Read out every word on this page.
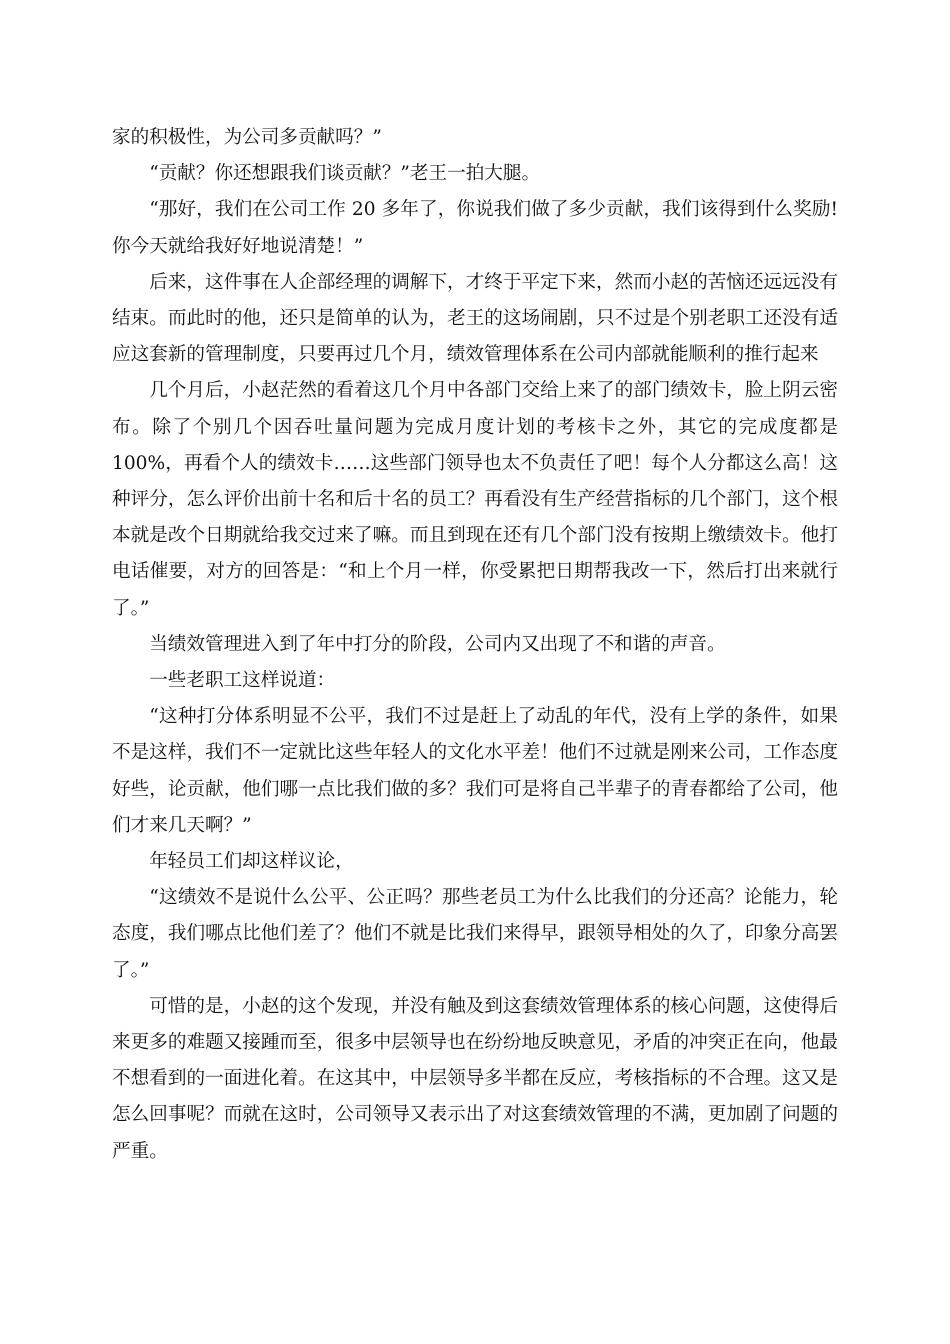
家的积极性，为公司多贡献吗？”

“贡献？你还想跟我们谈贡献？”老王一拍大腿。

“那好，我们在公司工作 20 多年了，你说我们做了多少贡献，我们该得到什么奖励!你今天就给我好好地说清楚！”

后来，这件事在人企部经理的调解下，才终于平定下来，然而小赵的苦恼还远远没有结束。而此时的他，还只是简单的认为，老王的这场闹剧，只不过是个别老职工还没有适应这套新的管理制度，只要再过几个月，绩效管理体系在公司内部就能顺利的推行起来

几个月后，小赵茫然的看着这几个月中各部门交给上来了的部门绩效卡，脸上阴云密布。除了个别几个因吞吐量问题为完成月度计划的考核卡之外，其它的完成度都是 100%，再看个人的绩效卡……这些部门领导也太不负责任了吧！每个人分都这么高！这种评分，怎么评价出前十名和后十名的员工？再看没有生产经营指标的几个部门，这个根本就是改个日期就给我交过来了嘛。而且到现在还有几个部门没有按期上缴绩效卡。他打电话催要，对方的回答是：“和上个月一样，你受累把日期帮我改一下，然后打出来就行了。”

当绩效管理进入到了年中打分的阶段，公司内又出现了不和谐的声音。

一些老职工这样说道：

“这种打分体系明显不公平，我们不过是赶上了动乱的年代，没有上学的条件，如果不是这样，我们不一定就比这些年轻人的文化水平差！他们不过就是刚来公司，工作态度好些，论贡献，他们哪一点比我们做的多？我们可是将自己半辈子的青春都给了公司，他们才来几天啊？”

年轻员工们却这样议论，

“这绩效不是说什么公平、公正吗？那些老员工为什么比我们的分还高？论能力，轮态度，我们哪点比他们差了？他们不就是比我们来得早，跟领导相处的久了，印象分高罢了。”

可惜的是，小赵的这个发现，并没有触及到这套绩效管理体系的核心问题，这使得后来更多的难题又接踵而至，很多中层领导也在纷纷地反映意见，矛盾的冲突正在向，他最不想看到的一面进化着。在这其中，中层领导多半都在反应，考核指标的不合理。这又是怎么回事呢？而就在这时，公司领导又表示出了对这套绩效管理的不满，更加剧了问题的严重。
